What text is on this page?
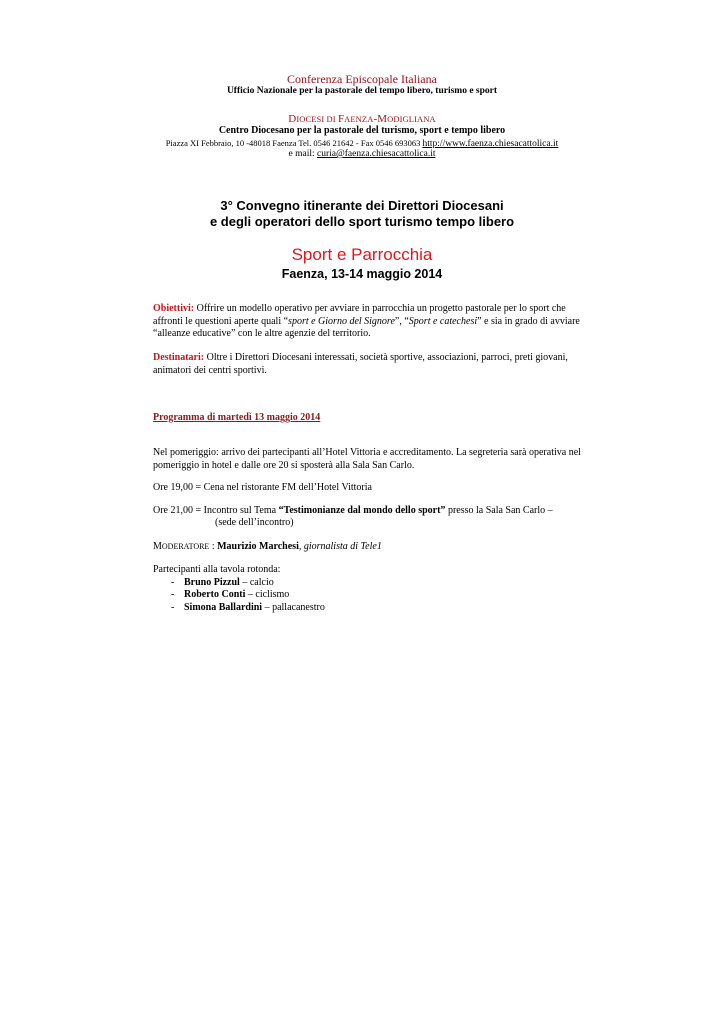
Conferenza Episcopale Italiana
Ufficio Nazionale per la pastorale del tempo libero, turismo e sport
DIOCESI DI FAENZA-MODIGLIANA
Centro Diocesano per la pastorale del turismo, sport e tempo libero
Piazza XI Febbraio, 10 -48018 Faenza Tel. 0546 21642 - Fax 0546 693063 http://www.faenza.chiesacattolica.it
e mail: curia@faenza.chiesacattolica.it
3° Convegno itinerante dei Direttori Diocesani
e degli operatori dello sport turismo tempo libero
Sport e Parrocchia
Faenza, 13-14 maggio 2014
Obiettivi: Offrire un modello operativo per avviare in parrocchia un progetto pastorale per lo sport che affronti le questioni aperte quali “sport e Giorno del Signore”, “Sport e catechesi” e sia in grado di avviare “alleanze educative” con le altre agenzie del territorio.
Destinatari: Oltre i Direttori Diocesani interessati, società sportive, associazioni, parroci, preti giovani, animatori dei centri sportivi.
Programma di martedì 13 maggio 2014
Nel pomeriggio: arrivo dei partecipanti all’Hotel Vittoria e accreditamento. La segreteria sarà operativa nel pomeriggio in hotel e dalle ore 20 si sposterà alla Sala San Carlo.
Ore 19,00 = Cena nel ristorante FM dell’Hotel Vittoria
Ore 21,00 = Incontro sul Tema “Testimonianze dal mondo dello sport” presso la Sala San Carlo –
(sede dell’incontro)
MODERATORE : Maurizio Marchesi, giornalista di Tele1
Partecipanti alla tavola rotonda:
- Bruno Pizzul – calcio
- Roberto Conti – ciclismo
- Simona Ballardini – pallacanestro
